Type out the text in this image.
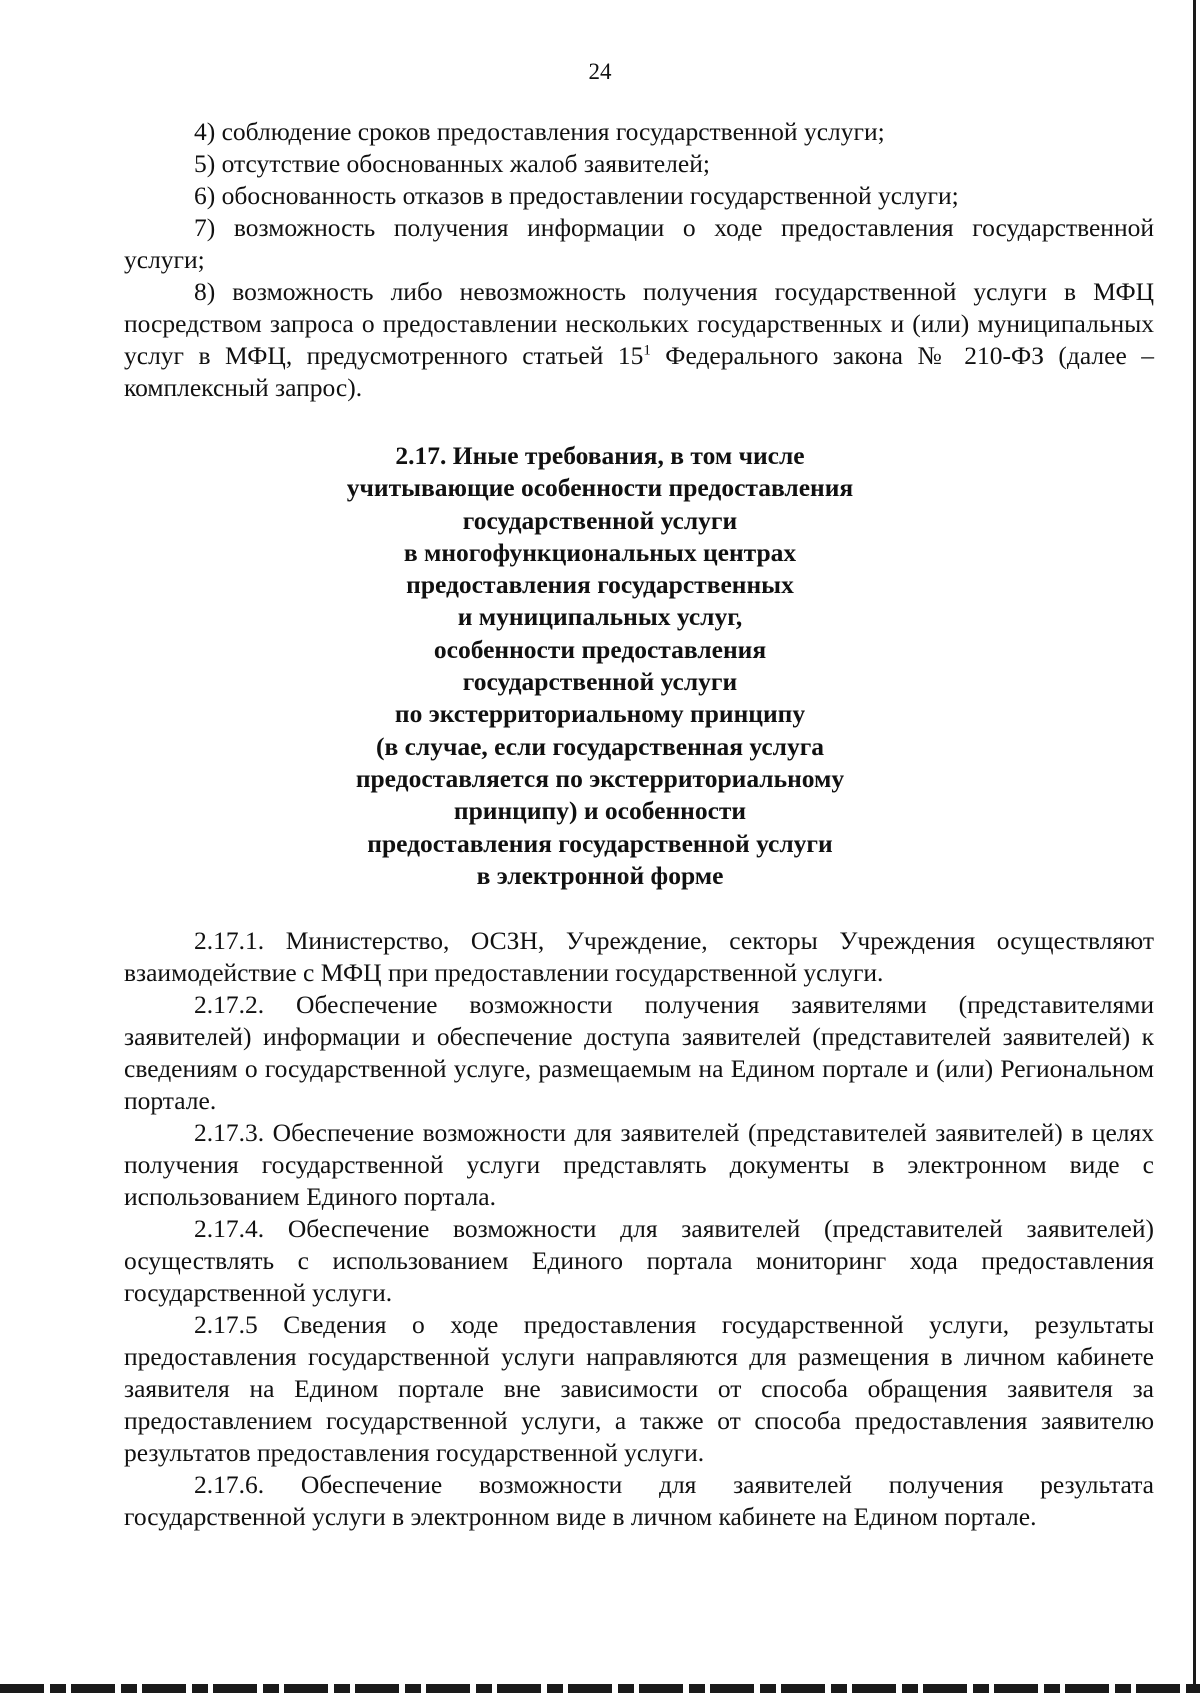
24

4) соблюдение сроков предоставления государственной услуги;

5) отсутствие обоснованных жалоб заявителей;

6) обоснованность отказов в предоставлении государственной услуги;

7) возможность получения информации о ходе предоставления государственной услуги;

8) возможность либо невозможность получения государственной услуги в МФЦ посредством запроса о предоставлении нескольких государственных и (или) муниципальных услуг в МФЦ, предусмотренного статьей $15^1$ Федерального закона № 210-ФЗ (далее – комплексный запрос).

2.17. Иные требования, в том числе
учитывающие особенности предоставления
государственной услуги
в многофункциональных центрах
предоставления государственных
и муниципальных услуг,
особенности предоставления
государственной услуги
по экстерриториальному принципу
(в случае, если государственная услуга
предоставляется по экстерриториальному
принципу) и особенности
предоставления государственной услуги
в электронной форме

2.17.1. Министерство, ОСЗН, Учреждение, секторы Учреждения осуществляют взаимодействие с МФЦ при предоставлении государственной услуги.

2.17.2. Обеспечение возможности получения заявителями (представителями заявителей) информации и обеспечение доступа заявителей (представителей заявителей) к сведениям о государственной услуге, размещаемым на Едином портале и (или) Региональном портале.

2.17.3. Обеспечение возможности для заявителей (представителей заявителей) в целях получения государственной услуги представлять документы в электронном виде с использованием Единого портала.

2.17.4. Обеспечение возможности для заявителей (представителей заявителей) осуществлять с использованием Единого портала мониторинг хода предоставления государственной услуги.

2.17.5 Сведения о ходе предоставления государственной услуги, результаты предоставления государственной услуги направляются для размещения в личном кабинете заявителя на Едином портале вне зависимости от способа обращения заявителя за предоставлением государственной услуги, а также от способа предоставления заявителю результатов предоставления государственной услуги.

2.17.6. Обеспечение возможности для заявителей получения результата государственной услуги в электронном виде в личном кабинете на Едином портале.
